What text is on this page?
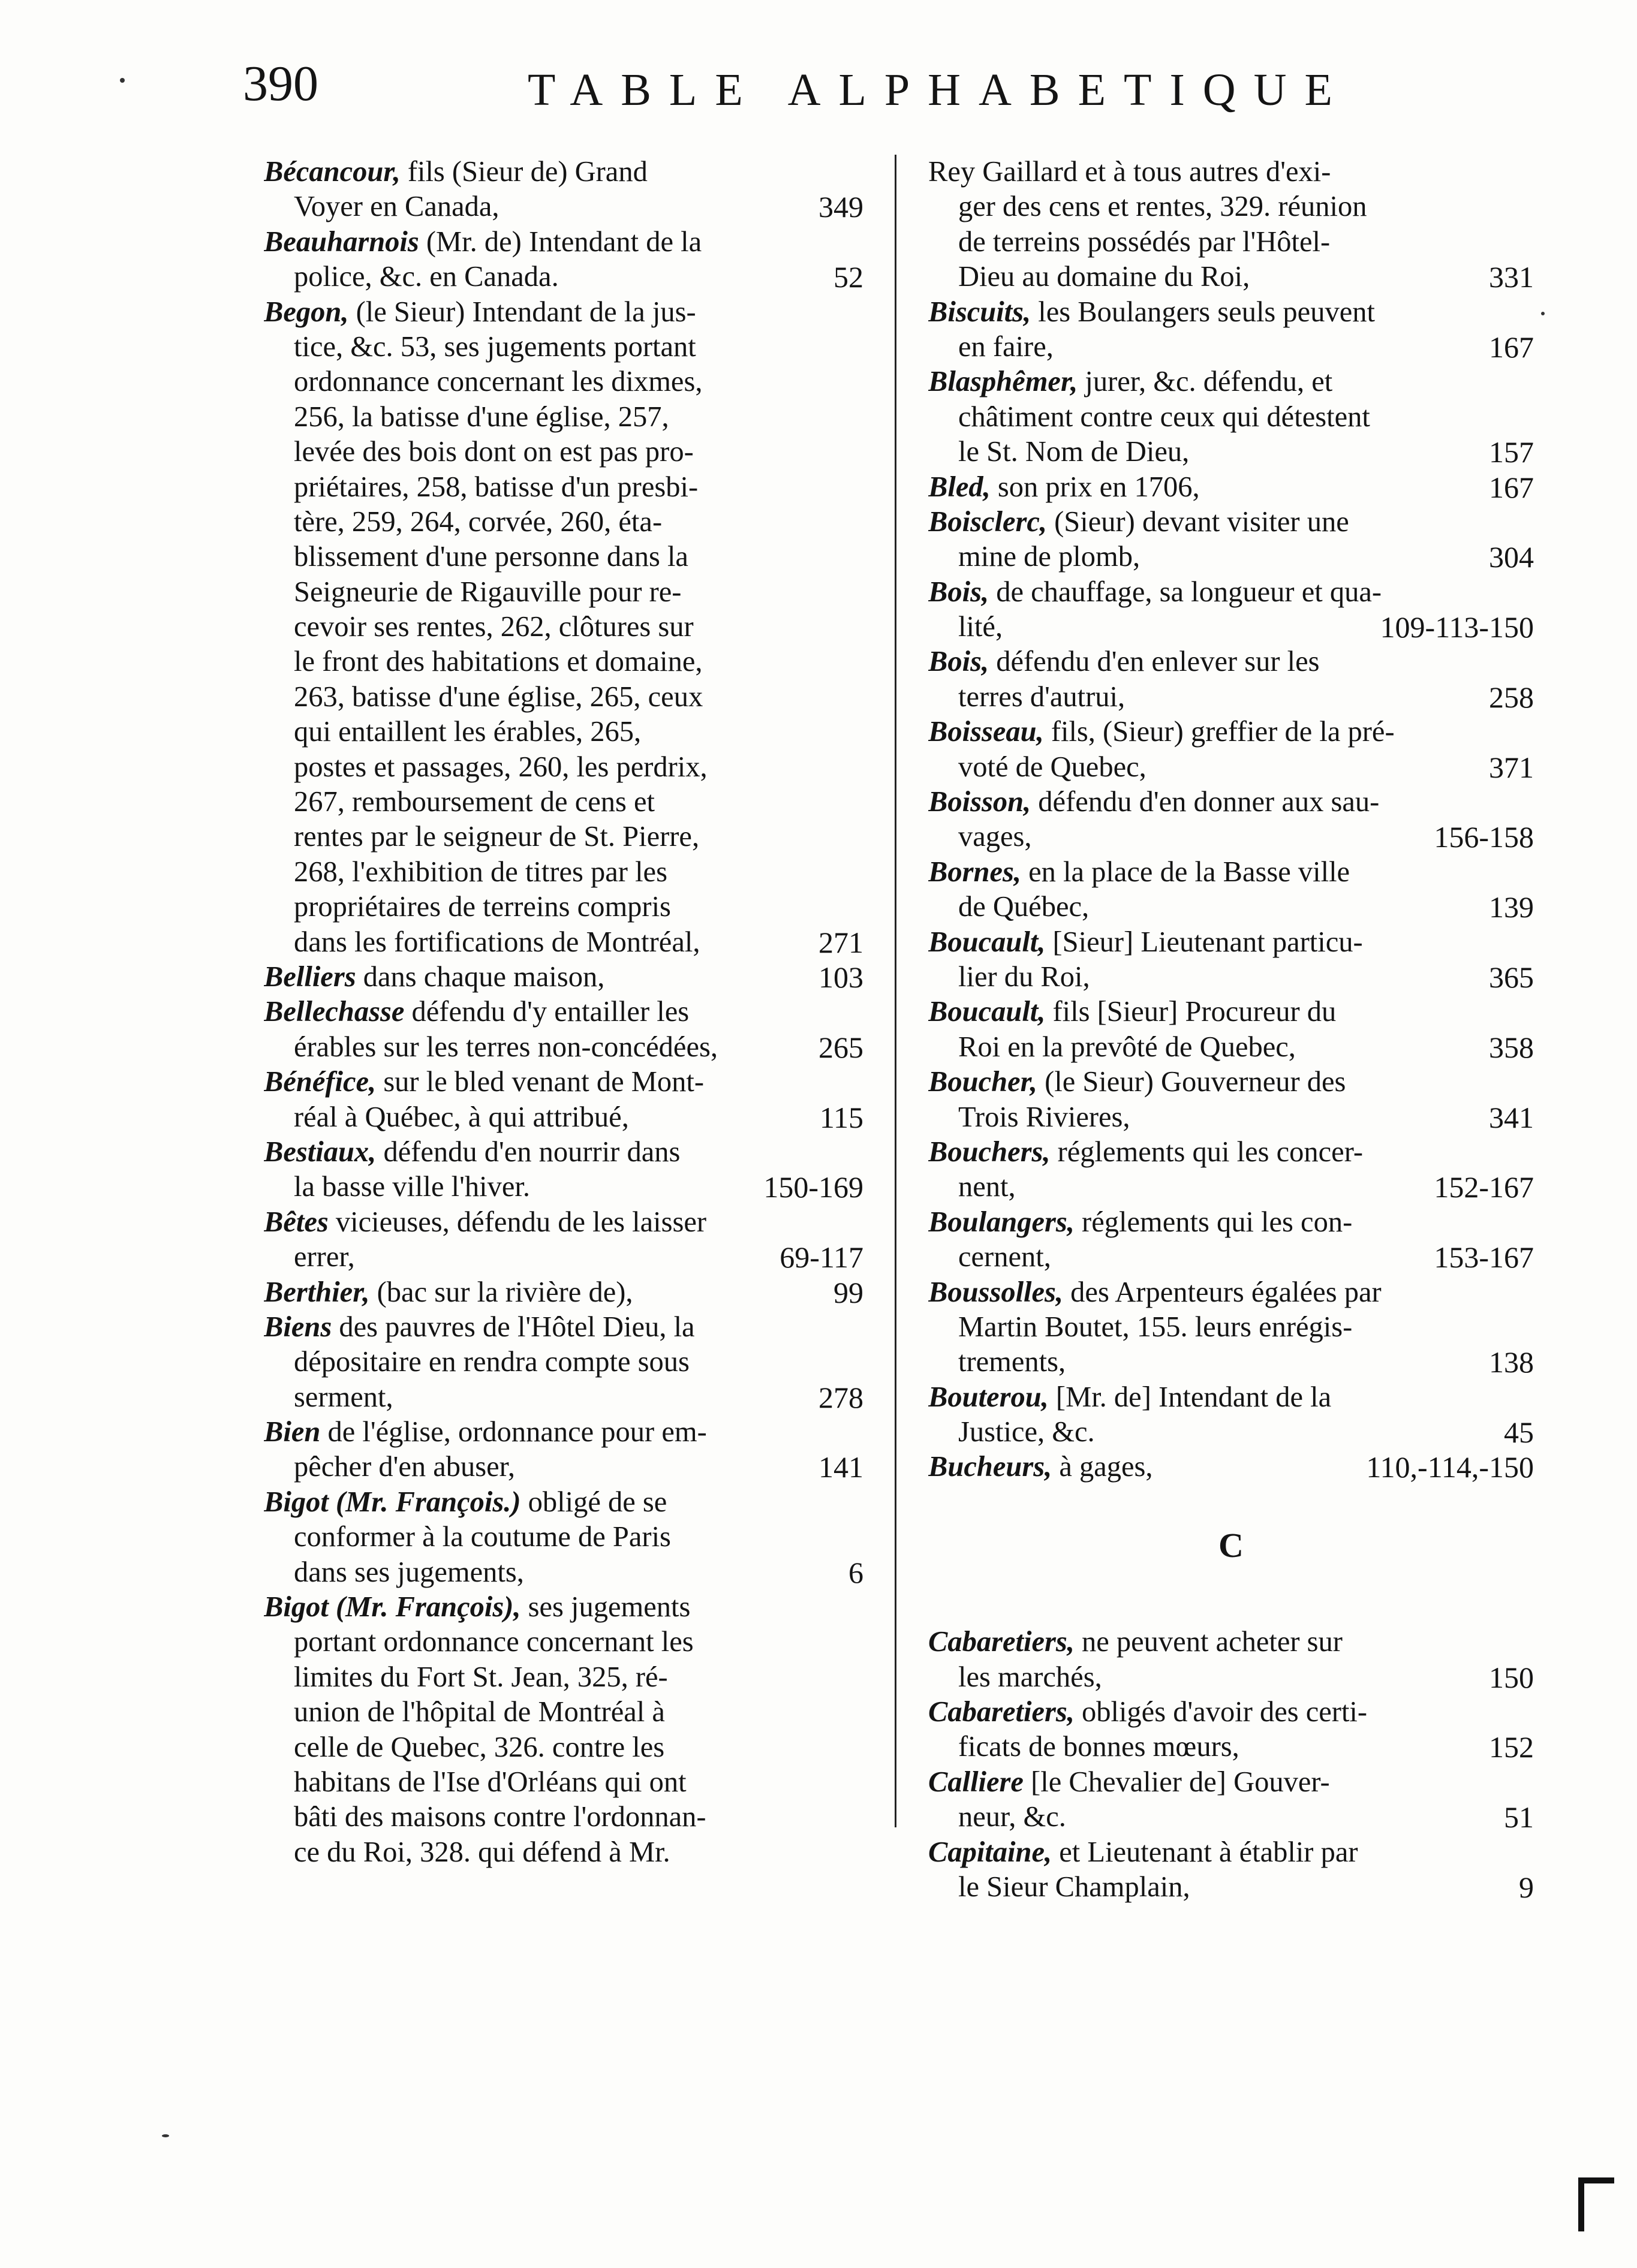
390	TABLE ALPHABETIQUE
Bécancour, fils (Sieur de) Grand
Voyer en Canada,	349
Beauharnois (Mr. de) Intendant de la
police, &c. en Canada.	52
Begon, (le Sieur) Intendant de la jus-
tice, &c. 53, ses jugements portant
ordonnance concernant les dixmes,
256, la batisse d'une église, 257,
levée des bois dont on est pas pro-
priétaires, 258, batisse d'un presbi-
tère, 259, 264, corvée, 260, éta-
blissement d'une personne dans la
Seigneurie de Rigauville pour re-
cevoir ses rentes, 262, clôtures sur
le front des habitations et domaine,
263, batisse d'une église, 265, ceux
qui entaillent les érables, 265,
postes et passages, 260, les perdrix,
267, remboursement de cens et
rentes par le seigneur de St. Pierre,
268, l'exhibition de titres par les
propriétaires de terreins compris
dans les fortifications de Montréal,	271
Belliers dans chaque maison,	103
Bellechasse défendu d'y entailler les
érables sur les terres non-concédées,	265
Bénéfice, sur le bled venant de Mont-
réal à Québec, à qui attribué,	115
Bestiaux, défendu d'en nourrir dans
la basse ville l'hiver.	150-169
Bêtes vicieuses, défendu de les laisser
errer,	69-117
Berthier, (bac sur la rivière de),	99
Biens des pauvres de l'Hôtel Dieu, la
dépositaire en rendra compte sous
serment,	278
Bien de l'église, ordonnance pour em-
pêcher d'en abuser,	141
Bigot (Mr. François.) obligé de se
conformer à la coutume de Paris
dans ses jugements,	6
Bigot (Mr. François), ses jugements
portant ordonnance concernant les
limites du Fort St. Jean, 325, ré-
union de l'hôpital de Montréal à
celle de Quebec, 326. contre les
habitans de l'Ise d'Orléans qui ont
bâti des maisons contre l'ordonnan-
ce du Roi, 328. qui défend à Mr.
Rey Gaillard et à tous autres d'exi-
ger des cens et rentes, 329. réunion
de terreins possédés par l'Hôtel-
Dieu au domaine du Roi,	331
Biscuits, les Boulangers seuls peuvent
en faire,	167
Blasphêmer, jurer, &c. défendu, et
châtiment contre ceux qui détestent
le St. Nom de Dieu,	157
Bled, son prix en 1706,	167
Boisclerc, (Sieur) devant visiter une
mine de plomb,	304
Bois, de chauffage, sa longueur et qua-
lité,	109-113-150
Bois, défendu d'en enlever sur les
terres d'autrui,	258
Boisseau, fils, (Sieur) greffier de la pré-
voté de Quebec,	371
Boisson, défendu d'en donner aux sau-
vages,	156-158
Bornes, en la place de la Basse ville
de Québec,	139
Boucault, [Sieur] Lieutenant particu-
lier du Roi,	365
Boucault, fils [Sieur] Procureur du
Roi en la prevôté de Quebec,	358
Boucher, (le Sieur) Gouverneur des
Trois Rivieres,	341
Bouchers, réglements qui les concer-
nent,	152-167
Boulangers, réglements qui les con-
cernent,	153-167
Boussolles, des Arpenteurs égalées par
Martin Boutet, 155. leurs enrégis-
trements,	138
Bouterou, [Mr. de] Intendant de la
Justice, &c.	45
Bucheurs, à gages,	110,-114,-150
C
Cabaretiers, ne peuvent acheter sur
les marchés,	150
Cabaretiers, obligés d'avoir des certi-
ficats de bonnes mœurs,	152
Calliere [le Chevalier de] Gouver-
neur, &c.	51
Capitaine, et Lieutenant à établir par
le Sieur Champlain,	9
